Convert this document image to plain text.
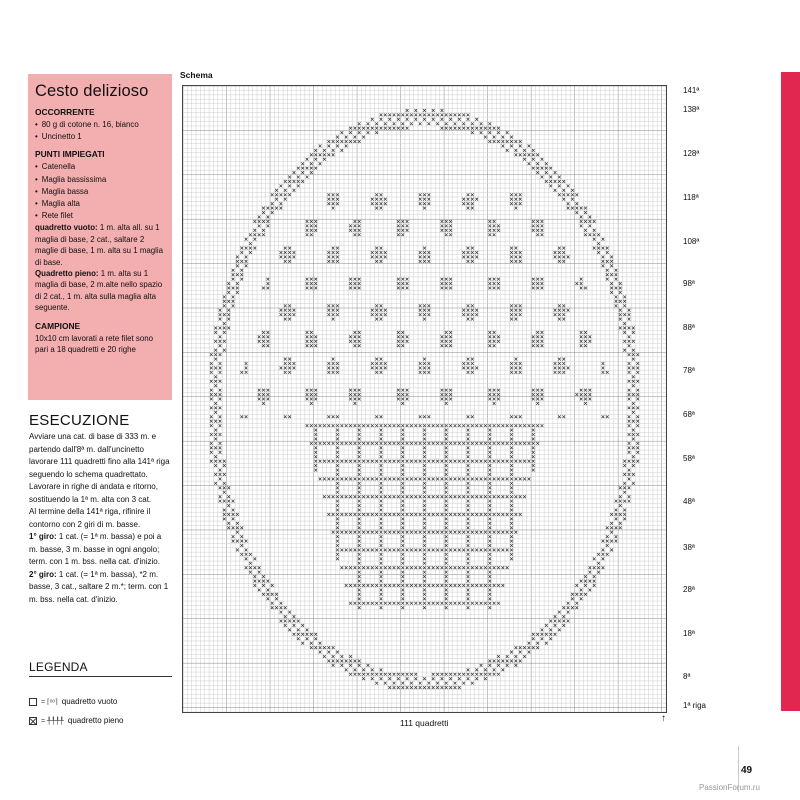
Cesto delizioso
OCCORRENTE
• 80 g di cotone n. 16, bianco
• Uncinetto 1
PUNTI IMPIEGATI
• Catenella
• Maglia bassissima
• Maglia bassa
• Maglia alta
• Rete filet

quadretto vuoto: 1 m. alta all. su 1 maglia di base, 2 cat., saltare 2 maglie di base, 1 m. alta su 1 maglia di base.

Quadretto pieno: 1 m. alta su 1 maglia di base, 2 m.alte nello spazio di 2 cat., 1 m. alta sulla maglia alta seguente.

CAMPIONE

10x10 cm lavorati a rete filet sono pari a 18 quadretti e 20 righe

ESECUZIONE

Avviare una cat. di base di 333 m. e partendo dall'8ª m. dall'uncinetto lavorare 111 quadretti fino alla 141ª riga seguendo lo schema quadrettato. Lavorare in righe di andata e ritorno, sostituendo la 1ª m. alta con 3 cat.

Al termine della 141ª riga, rifinire il contorno con 2 giri di m. basse.

1° giro: 1 cat. (= 1ª m. bassa) e poi a m. basse, 3 m. basse in ogni angolo; term. con 1 m. bss. nella cat. d'inizio.

2° giro: 1 cat. (= 1ª m. bassa), *2 m. basse, 3 cat., saltare 2 m.*; term. con 1 m. bss. nella cat. d'inizio.

LEGENDA
= ⌈ᵒᵒ⌉ quadretto vuoto
= ╀╀╀╀ quadretto pieno
Schema
141ª
138ª
128ª
118ª
108ª
98ª
88ª
78ª
68ª
58ª
48ª
38ª
28ª
18ª
8ª
1ª riga
111 quadretti	↑
49
PassionForum.ru
